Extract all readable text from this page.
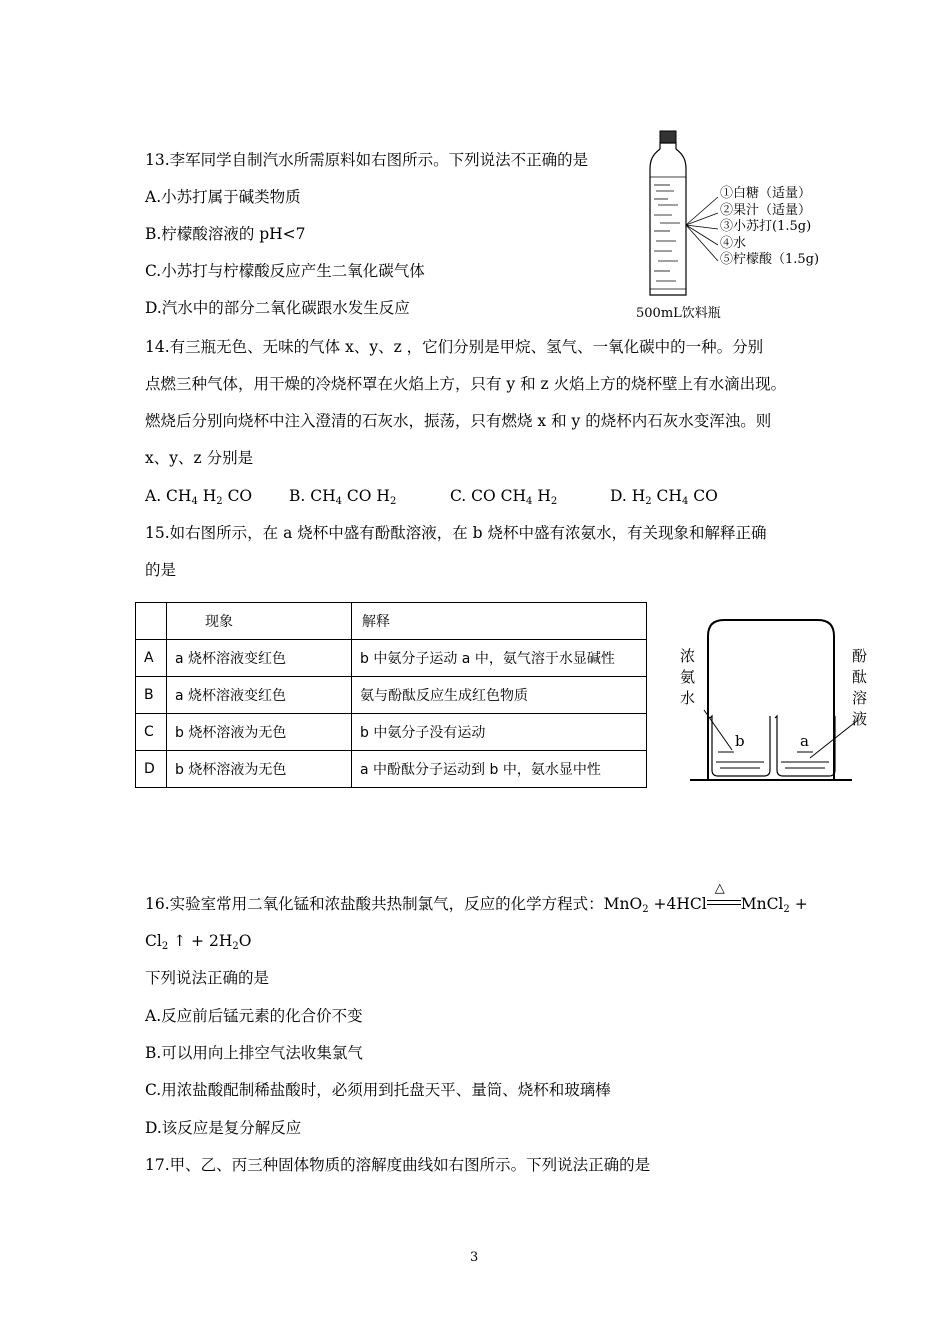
13.李军同学自制汽水所需原料如右图所示。下列说法不正确的是
A.小苏打属于碱类物质
B.柠檬酸溶液的 pH<7
C.小苏打与柠檬酸反应产生二氧化碳气体
D.汽水中的部分二氧化碳跟水发生反应
①白糖（适量）
②果汁（适量）
③小苏打(1.5g)
④水
⑤柠檬酸（1.5g)
500mL饮料瓶
14.有三瓶无色、无味的气体 x、y、z ，它们分别是甲烷、氢气、一氧化碳中的一种。分别
点燃三种气体，用干燥的冷烧杯罩在火焰上方，只有 y 和 z 火焰上方的烧杯壁上有水滴出现。
燃烧后分别向烧杯中注入澄清的石灰水，振荡，只有燃烧 x 和 y 的烧杯内石灰水变浑浊。则
x、y、z 分别是
A. $CH_4$ $H_2$ CO B. $CH_4$ CO $H_2$	C. CO $CH_4$ $H_2$	D. $H_2$ $CH_4$ CO
15.如右图所示，在 a 烧杯中盛有酚酞溶液，在 b 烧杯中盛有浓氨水，有关现象和解释正确
的是
	现象	解释
A	a 烧杯溶液变红色	b 中氨分子运动 a 中，氨气溶于水显碱性
B	a 烧杯溶液变红色	氨与酚酞反应生成红色物质
C	b 烧杯溶液为无色	b 中氨分子没有运动
D	b 烧杯溶液为无色	a 中酚酞分子运动到 b 中，氨水显中性
浓
氨
水
酚
酞
溶
液
b	a
16.实验室常用二氧化锰和浓盐酸共热制氯气，反应的化学方程式：MnO$_2$ +4HCl
△
MnCl$_2$ +
$Cl_2$ ↑ + $2H_2O$
下列说法正确的是
A.反应前后锰元素的化合价不变
B.可以用向上排空气法收集氯气
C.用浓盐酸配制稀盐酸时，必须用到托盘天平、量筒、烧杯和玻璃棒
D.该反应是复分解反应
17.甲、乙、丙三种固体物质的溶解度曲线如右图所示。下列说法正确的是
3
